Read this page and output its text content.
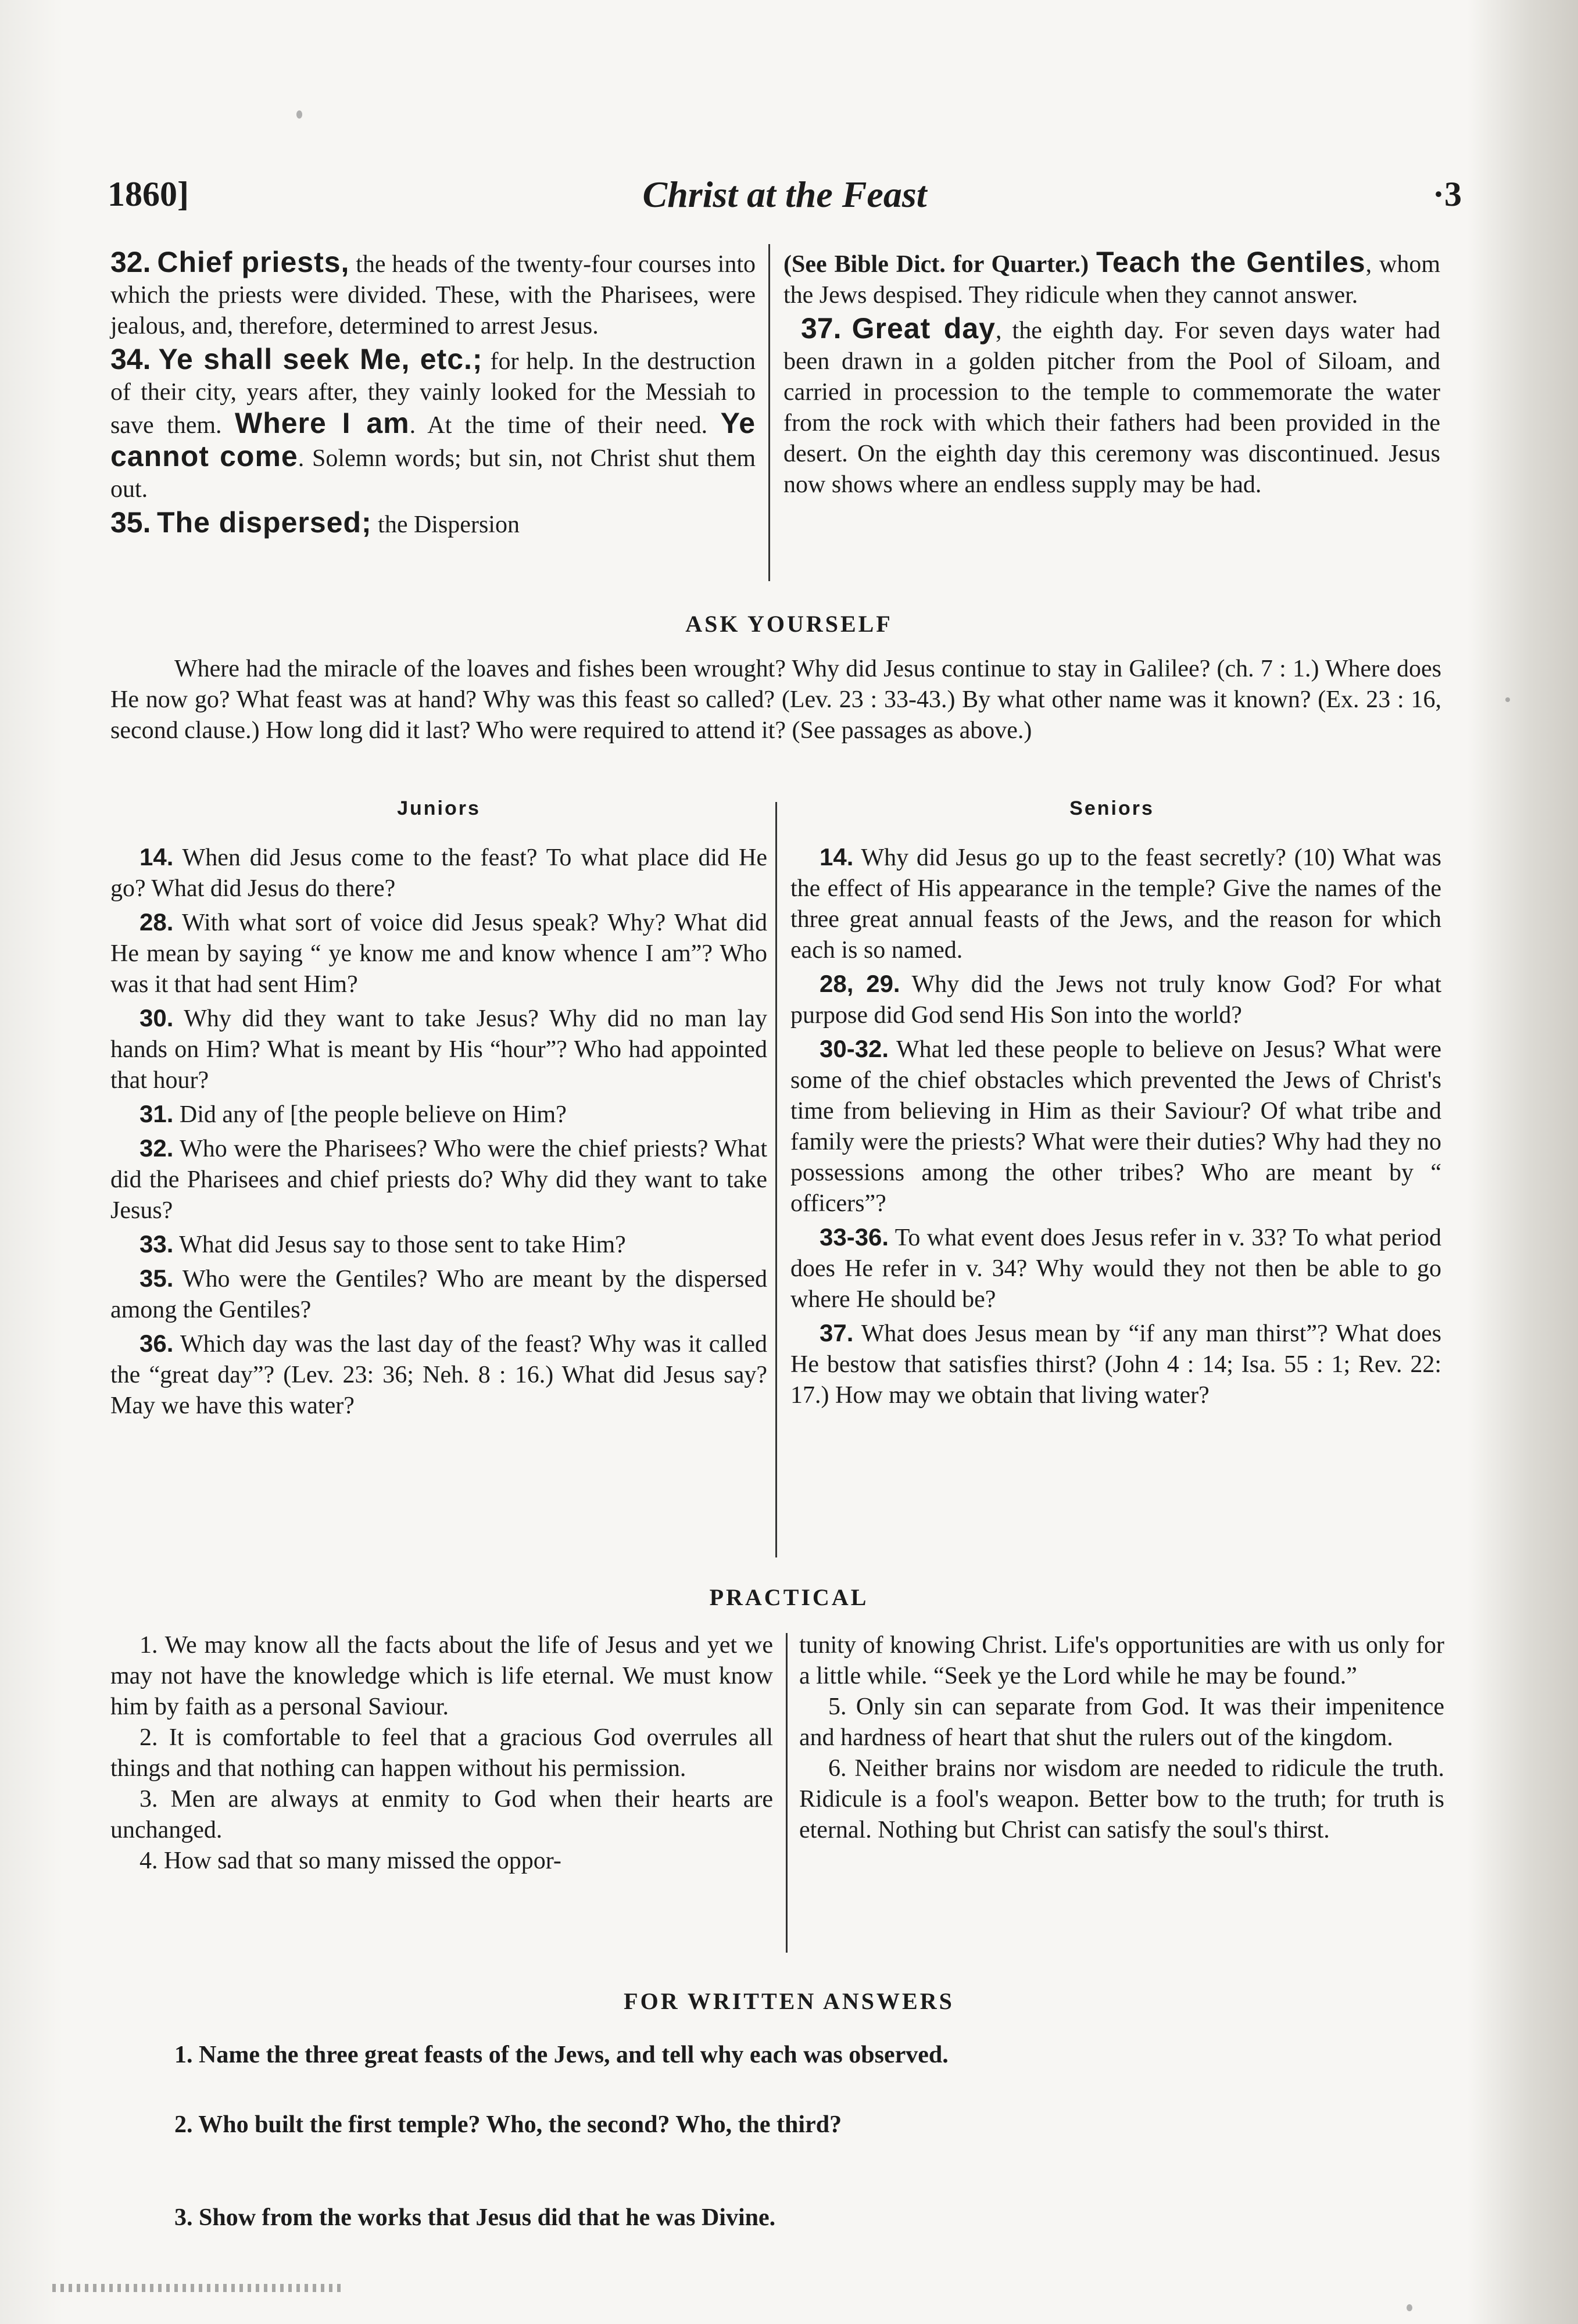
1860]	Christ at the Feast	·3

32. Chief priests, the heads of the twenty-four courses into which the priests were divided. These, with the Pharisees, were jealous, and, therefore, determined to arrest Jesus.

34. Ye shall seek Me, etc.; for help. In the destruction of their city, years after, they vainly looked for the Messiah to save them. Where I am. At the time of their need. Ye cannot come. Solemn words; but sin, not Christ shut them out.

35. The dispersed; the Dispersion

(See Bible Dict. for Quarter.) Teach the Gentiles, whom the Jews despised. They ridicule when they cannot answer.

37. Great day, the eighth day. For seven days water had been drawn in a golden pitcher from the Pool of Siloam, and carried in procession to the temple to commemorate the water from the rock with which their fathers had been provided in the desert. On the eighth day this ceremony was discontinued. Jesus now shows where an endless supply may be had.

ASK YOURSELF

Where had the miracle of the loaves and fishes been wrought? Why did Jesus continue to stay in Galilee? (ch. 7 : 1.) Where does He now go? What feast was at hand? Why was this feast so called? (Lev. 23 : 33-43.) By what other name was it known? (Ex. 23 : 16, second clause.) How long did it last? Who were required to attend it? (See passages as above.)

Juniors	Seniors

14. When did Jesus come to the feast? To what place did He go? What did Jesus do there?

28. With what sort of voice did Jesus speak? Why? What did He mean by saying “ ye know me and know whence I am”? Who was it that had sent Him?

30. Why did they want to take Jesus? Why did no man lay hands on Him? What is meant by His “hour”? Who had appointed that hour?

31. Did any of [the people believe on Him?

32. Who were the Pharisees? Who were the chief priests? What did the Pharisees and chief priests do? Why did they want to take Jesus?

33. What did Jesus say to those sent to take Him?

35. Who were the Gentiles? Who are meant by the dispersed among the Gentiles?

36. Which day was the last day of the feast? Why was it called the “great day”? (Lev. 23: 36; Neh. 8 : 16.) What did Jesus say? May we have this water?

14. Why did Jesus go up to the feast secretly? (10) What was the effect of His appearance in the temple? Give the names of the three great annual feasts of the Jews, and the reason for which each is so named.

28, 29. Why did the Jews not truly know God? For what purpose did God send His Son into the world?

30-32. What led these people to believe on Jesus? What were some of the chief obstacles which prevented the Jews of Christ's time from believing in Him as their Saviour? Of what tribe and family were the priests? What were their duties? Why had they no possessions among the other tribes? Who are meant by “ officers”?

33-36. To what event does Jesus refer in v. 33? To what period does He refer in v. 34? Why would they not then be able to go where He should be?

37. What does Jesus mean by “if any man thirst”? What does He bestow that satisfies thirst? (John 4 : 14; Isa. 55 : 1; Rev. 22: 17.) How may we obtain that living water?

PRACTICAL

1. We may know all the facts about the life of Jesus and yet we may not have the knowledge which is life eternal. We must know him by faith as a personal Saviour.

2. It is comfortable to feel that a gracious God overrules all things and that nothing can happen without his permission.

3. Men are always at enmity to God when their hearts are unchanged.

4. How sad that so many missed the oppor-

tunity of knowing Christ. Life's opportunities are with us only for a little while. “Seek ye the Lord while he may be found.”

5. Only sin can separate from God. It was their impenitence and hardness of heart that shut the rulers out of the kingdom.

6. Neither brains nor wisdom are needed to ridicule the truth. Ridicule is a fool's weapon. Better bow to the truth; for truth is eternal. Nothing but Christ can satisfy the soul's thirst.

FOR WRITTEN ANSWERS
1. Name the three great feasts of the Jews, and tell why each was observed.
2. Who built the first temple? Who, the second? Who, the third?
3. Show from the works that Jesus did that he was Divine.
